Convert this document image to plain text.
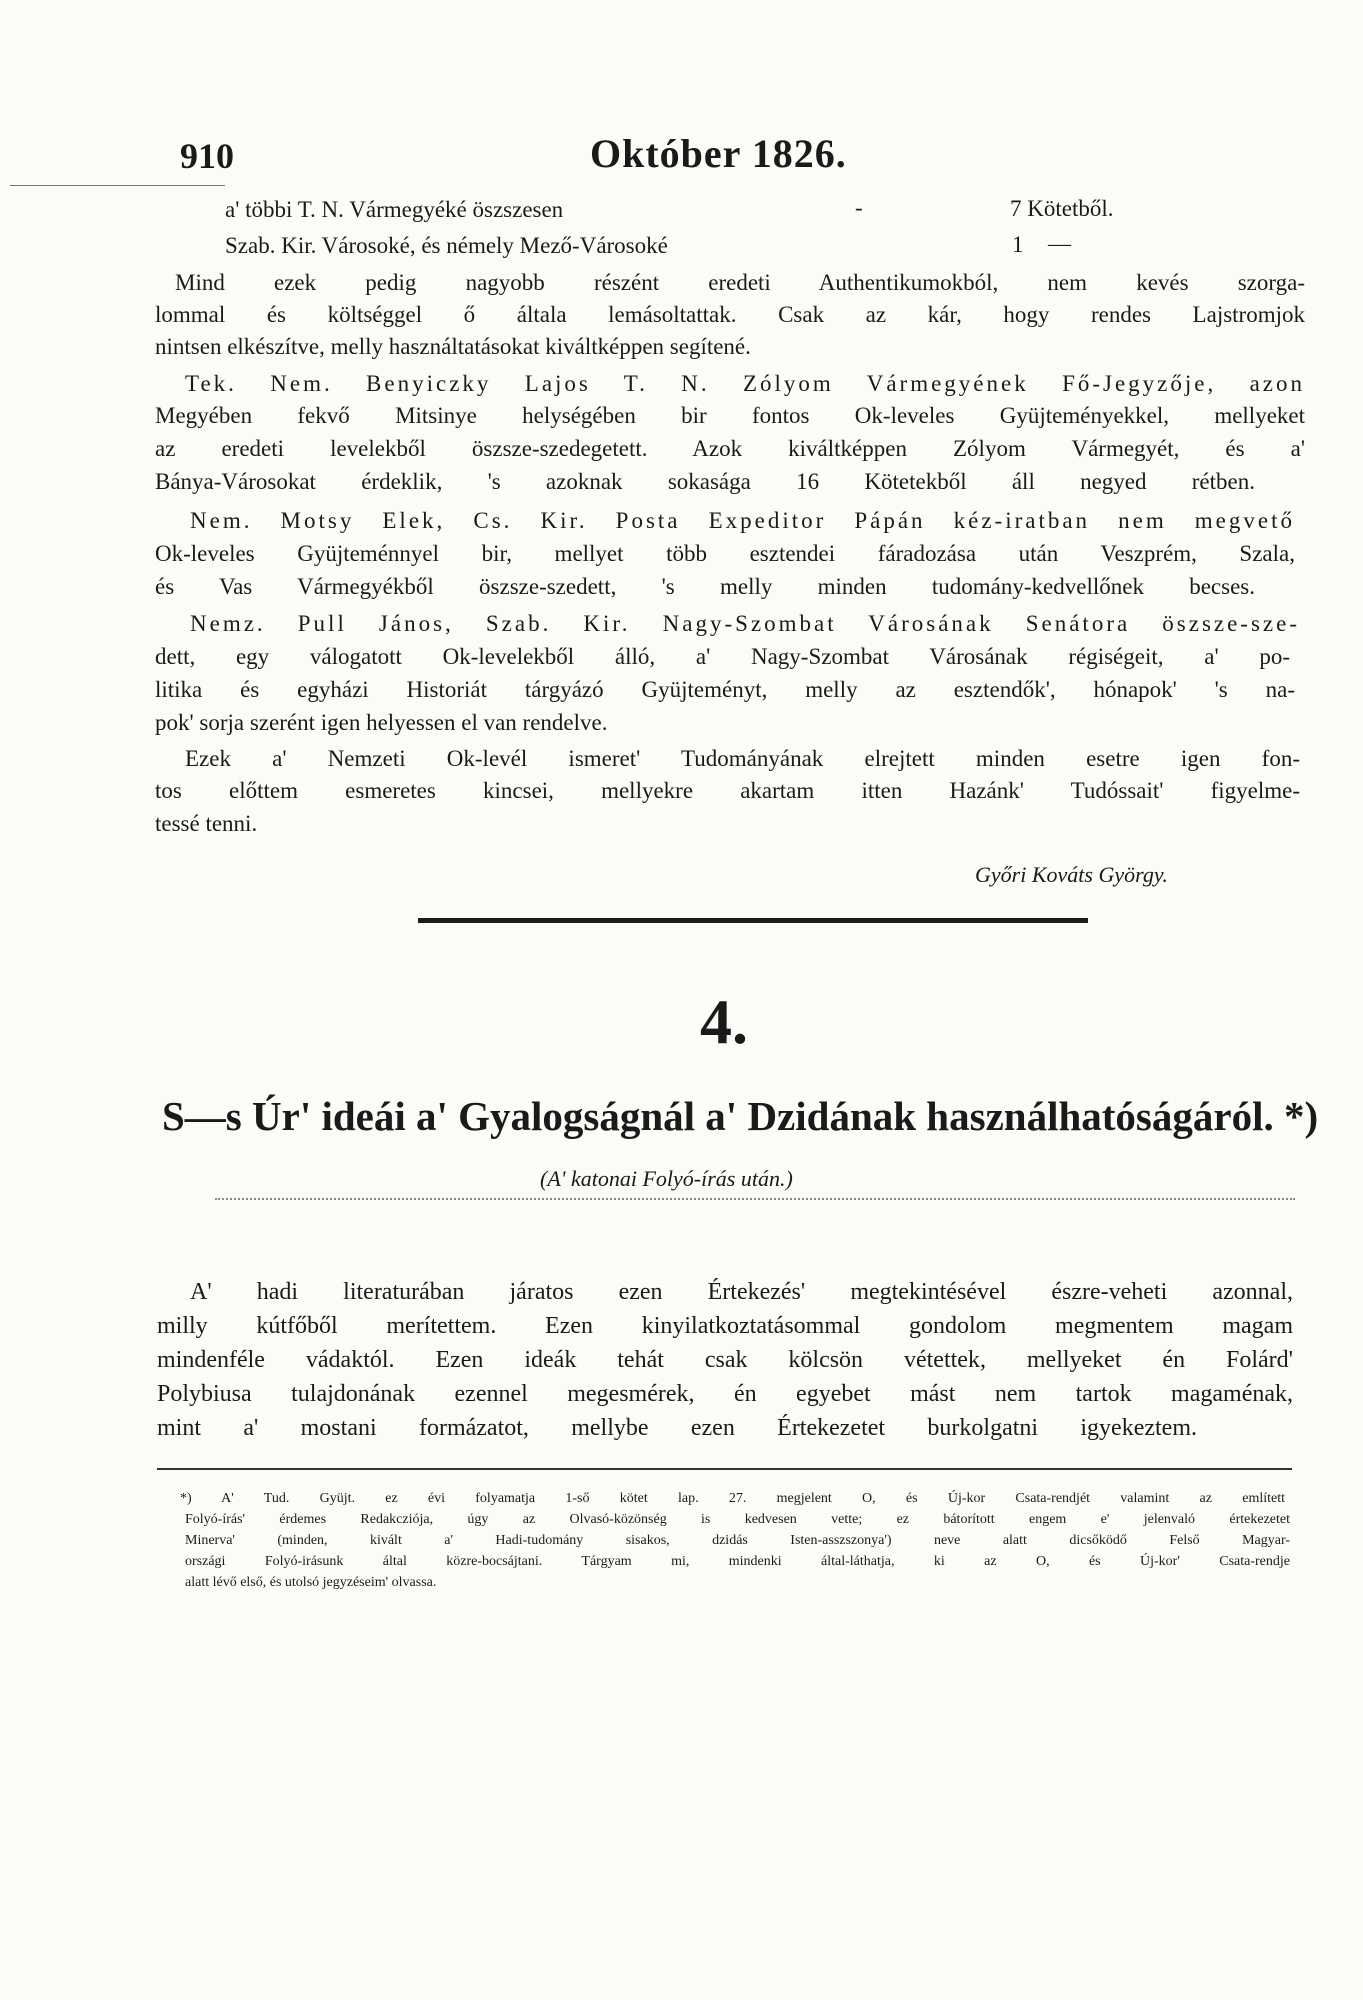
910	Október 1826.
a' többi T. N. Vármegyéké öszszesen	-	7 Kötetből.
Szab. Kir. Városoké, és némely Mező-Városoké	1 —
Mind ezek pedig nagyobb részént eredeti Authentikumokból, nem kevés szorga-
lommal és költséggel ő általa lemásoltattak. Csak az kár, hogy rendes Lajstromjok
nintsen elkészítve, melly használtatásokat kiváltképpen segítené.
Tek. Nem. Benyiczky Lajos T. N. Zólyom Vármegyének Fő-Jegyzője, azon
Megyében fekvő Mitsinye helységében bir fontos Ok-leveles Gyüjteményekkel, mellyeket
az eredeti levelekből öszsze-szedegetett. Azok kiváltképpen Zólyom Vármegyét, és a'
Bánya-Városokat érdeklik, 's azoknak sokasága 16 Kötetekből áll negyed rétben.
Nem. Motsy Elek, Cs. Kir. Posta Expeditor Pápán kéz-iratban nem megvető
Ok-leveles Gyüjteménnyel bir, mellyet több esztendei fáradozása után Veszprém, Szala,
és Vas Vármegyékből öszsze-szedett, 's melly minden tudomány-kedvellőnek becses.
Nemz. Pull János, Szab. Kir. Nagy-Szombat Városának Senátora öszsze-sze-
dett, egy válogatott Ok-levelekből álló, a' Nagy-Szombat Városának régiségeit, a' po-
litika és egyházi Historiát tárgyázó Gyüjteményt, melly az esztendők', hónapok' 's na-
pok' sorja szerént igen helyessen el van rendelve.
Ezek a' Nemzeti Ok-levél ismeret' Tudományának elrejtett minden esetre igen fon-
tos előttem esmeretes kincsei, mellyekre akartam itten Hazánk' Tudóssait' figyelme-
tessé tenni.
Győri Kováts György.
4.
S—s Úr' ideái a' Gyalogságnál a' Dzidának használhatóságáról. *)
(A' katonai Folyó-írás után.)
A' hadi literaturában járatos ezen Értekezés' megtekintésével észre-veheti azonnal,
milly kútfőből merítettem. Ezen kinyilatkoztatásommal gondolom megmentem magam
mindenféle vádaktól. Ezen ideák tehát csak kölcsön vétettek, mellyeket én Folárd'
Polybiusa tulajdonának ezennel megesmérek, én egyebet mást nem tartok magaménak,
mint a' mostani formázatot, mellybe ezen Értekezetet burkolgatni igyekeztem.
*) A' Tud. Gyüjt. ez évi folyamatja 1-ső kötet lap. 27. megjelent O, és Új-kor Csata-rendjét valamint az említett
Folyó-írás' érdemes Redakcziója, úgy az Olvasó-közönség is kedvesen vette; ez bátorított engem e' jelenvaló értekezetet
Minerva' (minden, kivált a' Hadi-tudomány sisakos, dzidás Isten-asszszonya') neve alatt dicsőködő Felső Magyar-
országi Folyó-irásunk által közre-bocsájtani. Tárgyam mi, mindenki által-láthatja, ki az O, és Új-kor' Csata-rendje
alatt lévő első, és utolsó jegyzéseim' olvassa.
